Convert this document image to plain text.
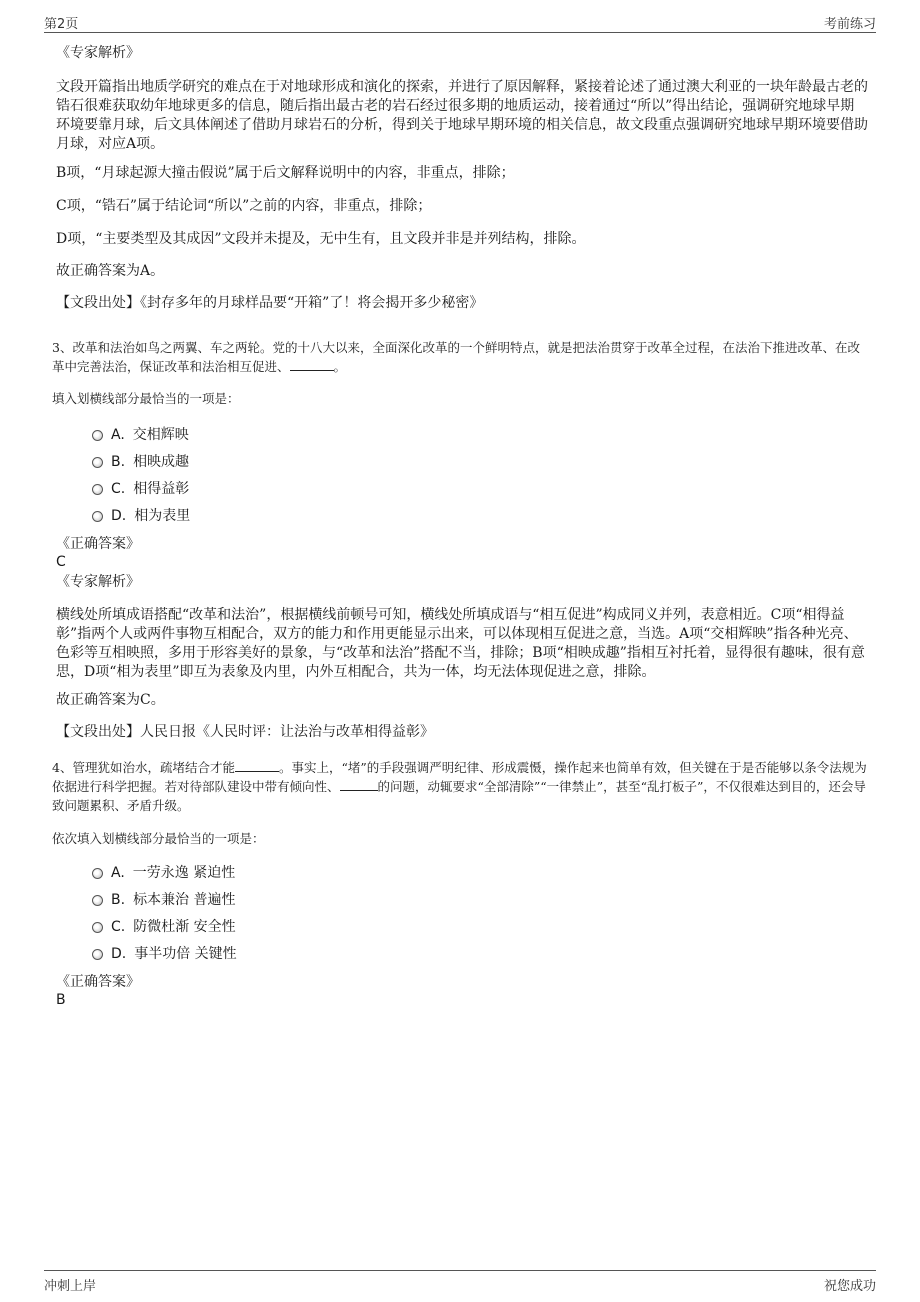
第2页	考前练习
《专家解析》
文段开篇指出地质学研究的难点在于对地球形成和演化的探索，并进行了原因解释，紧接着论述了通过澳大利亚的一块年龄最古老的锆石很难获取幼年地球更多的信息，随后指出最古老的岩石经过很多期的地质运动，接着通过“所以”得出结论，强调研究地球早期环境要靠月球，后文具体阐述了借助月球岩石的分析，得到关于地球早期环境的相关信息，故文段重点强调研究地球早期环境要借助月球，对应A项。
B项，“月球起源大撞击假说”属于后文解释说明中的内容，非重点，排除；
C项，“锆石”属于结论词“所以”之前的内容，非重点，排除；
D项，“主要类型及其成因”文段并未提及，无中生有，且文段并非是并列结构，排除。
故正确答案为A。
【文段出处】《封存多年的月球样品要“开箱”了！将会揭开多少秘密》
3、改革和法治如鸟之两翼、车之两轮。党的十八大以来，全面深化改革的一个鲜明特点，就是把法治贯穿于改革全过程，在法治下推进改革、在改革中完善法治，保证改革和法治相互促进、	。
填入划横线部分最恰当的一项是：
A. 交相辉映
B. 相映成趣
C. 相得益彰
D. 相为表里
《正确答案》
C
《专家解析》
横线处所填成语搭配“改革和法治”，根据横线前顿号可知，横线处所填成语与“相互促进”构成同义并列，表意相近。C项“相得益彰”指两个人或两件事物互相配合，双方的能力和作用更能显示出来，可以体现相互促进之意，当选。A项“交相辉映”指各种光亮、色彩等互相映照，多用于形容美好的景象，与“改革和法治”搭配不当，排除；B项“相映成趣”指相互衬托着，显得很有趣味，很有意思，D项“相为表里”即互为表象及内里，内外互相配合，共为一体，均无法体现促进之意，排除。
故正确答案为C。
【文段出处】人民日报《人民时评：让法治与改革相得益彰》
4、管理犹如治水，疏堵结合才能	。事实上，“堵”的手段强调严明纪律、形成震慑，操作起来也简单有效，但关键在于是否能够以条令法规为依据进行科学把握。若对待部队建设中带有倾向性、	的问题，动辄要求“全部清除”“一律禁止”，甚至“乱打板子”，不仅很难达到目的，还会导致问题累积、矛盾升级。
依次填入划横线部分最恰当的一项是：
A. 一劳永逸 紧迫性
B. 标本兼治 普遍性
C. 防微杜渐 安全性
D. 事半功倍 关键性
《正确答案》
B
冲刺上岸	祝您成功
